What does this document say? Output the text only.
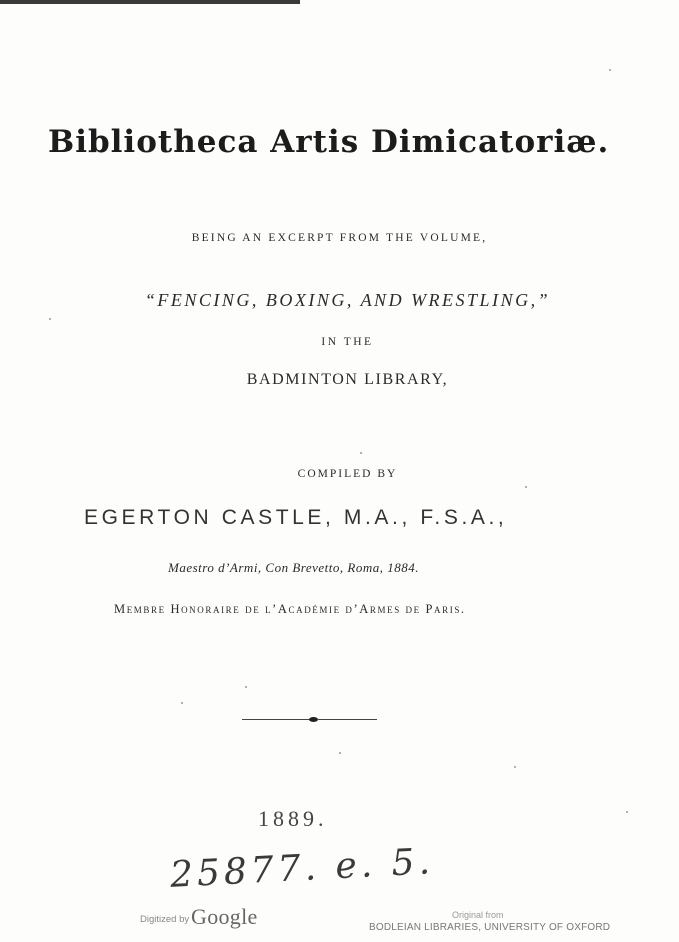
Bibliotheca Artis Dimicatoriæ.
BEING AN EXCERPT FROM THE VOLUME,
“FENCING, BOXING, AND WRESTLING,”
IN THE
BADMINTON LIBRARY,
COMPILED BY
EGERTON CASTLE, M.A., F.S.A.,
Maestro d’Armi, Con Brevetto, Roma, 1884.
Membre Honoraire de l’Académie d’Armes de Paris.
1889.
25877. e. 5.
Digitized by Google	Original from
BODLEIAN LIBRARIES, UNIVERSITY OF OXFORD
